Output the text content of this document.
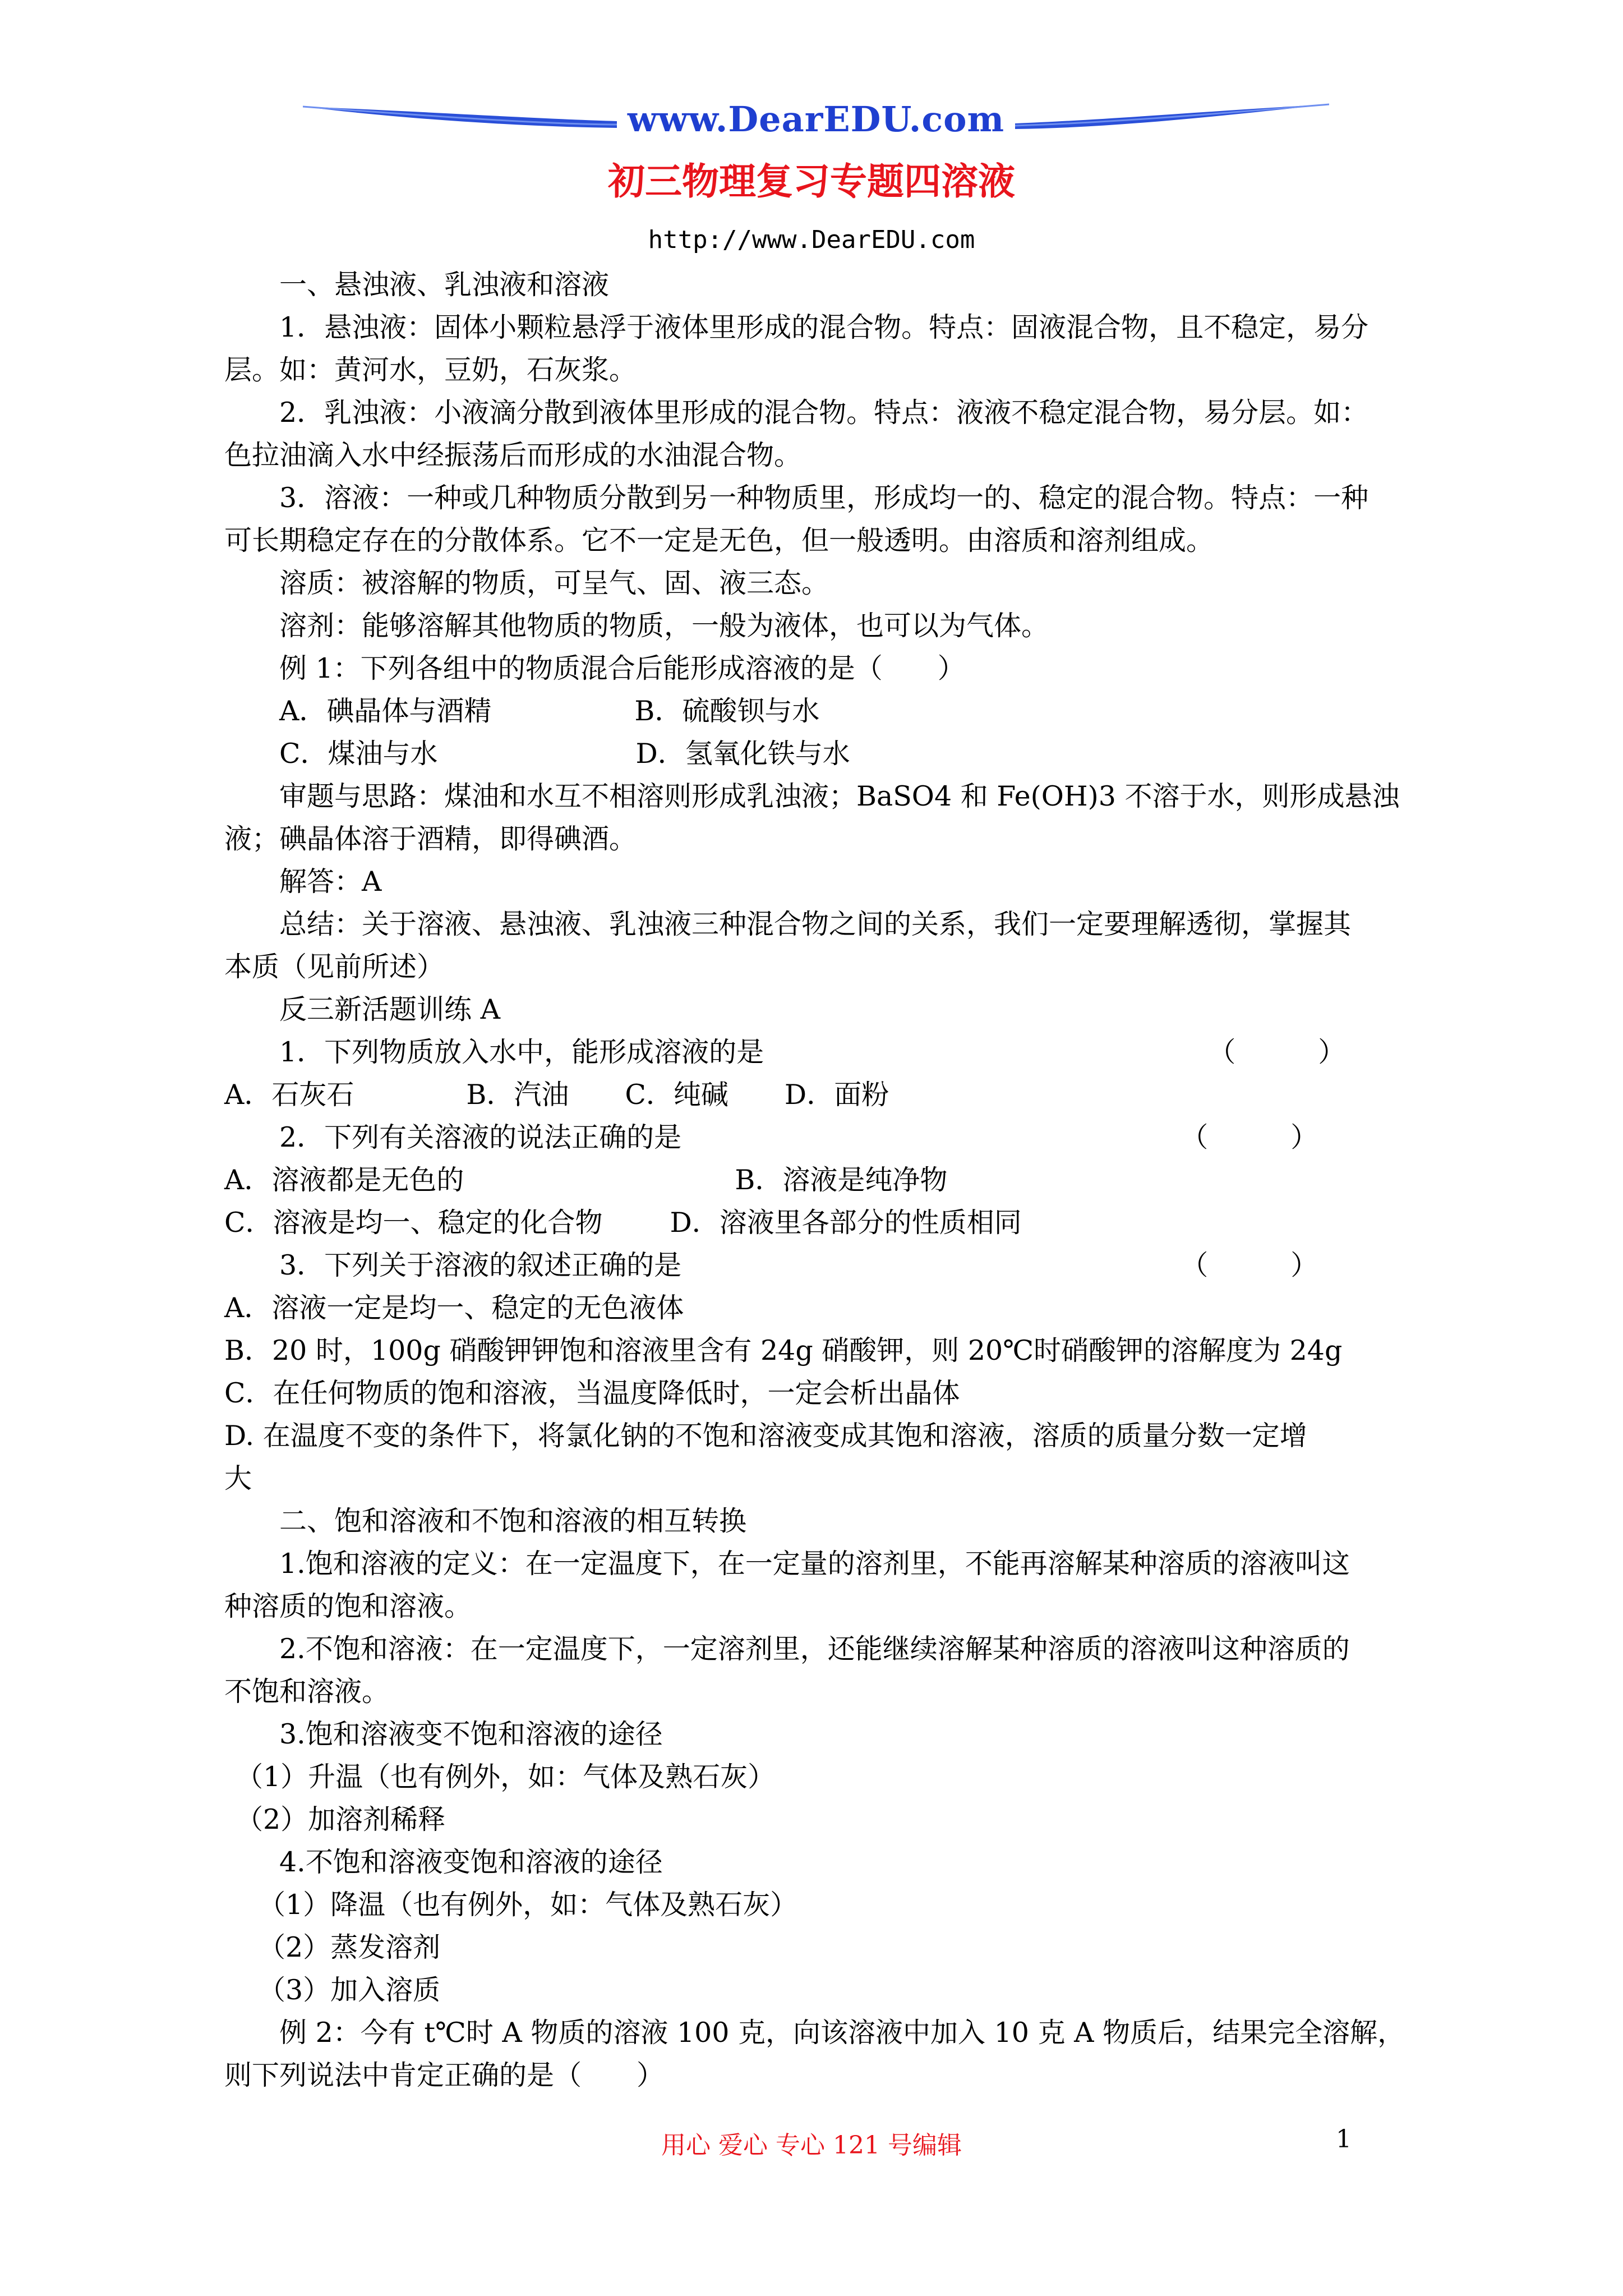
www.DearEDU.com
初三物理复习专题四溶液
http://www.DearEDU.com
一、悬浊液、乳浊液和溶液
1．悬浊液：固体小颗粒悬浮于液体里形成的混合物。特点：固液混合物，且不稳定，易分
层。如：黄河水，豆奶，石灰浆。
2．乳浊液：小液滴分散到液体里形成的混合物。特点：液液不稳定混合物，易分层。如：
色拉油滴入水中经振荡后而形成的水油混合物。
3．溶液：一种或几种物质分散到另一种物质里，形成均一的、稳定的混合物。特点：一种
可长期稳定存在的分散体系。它不一定是无色，但一般透明。由溶质和溶剂组成。
溶质：被溶解的物质，可呈气、固、液三态。
溶剂：能够溶解其他物质的物质，一般为液体，也可以为气体。
例 1：下列各组中的物质混合后能形成溶液的是（　　）
A．碘晶体与酒精	B．硫酸钡与水
C．煤油与水	D．氢氧化铁与水
审题与思路：煤油和水互不相溶则形成乳浊液；BaSO4 和 Fe(OH)3 不溶于水，则形成悬浊
液；碘晶体溶于酒精，即得碘酒。
解答：A
总结：关于溶液、悬浊液、乳浊液三种混合物之间的关系，我们一定要理解透彻，掌握其
本质（见前所述）
反三新活题训练 A
1．下列物质放入水中，能形成溶液的是	（　　　）
A．石灰石	B．汽油 C．纯碱 D．面粉
2．下列有关溶液的说法正确的是	（　　　）
A．溶液都是无色的	B．溶液是纯净物
C．溶液是均一、稳定的化合物 D．溶液里各部分的性质相同
3．下列关于溶液的叙述正确的是	（　　　）
A．溶液一定是均一、稳定的无色液体
B．20 时，100g 硝酸钾钾饱和溶液里含有 24g 硝酸钾，则 20℃时硝酸钾的溶解度为 24g
C．在任何物质的饱和溶液，当温度降低时，一定会析出晶体
D. 在温度不变的条件下，将氯化钠的不饱和溶液变成其饱和溶液，溶质的质量分数一定增
大
二、饱和溶液和不饱和溶液的相互转换
1.饱和溶液的定义：在一定温度下，在一定量的溶剂里，不能再溶解某种溶质的溶液叫这
种溶质的饱和溶液。
2.不饱和溶液：在一定温度下，一定溶剂里，还能继续溶解某种溶质的溶液叫这种溶质的
不饱和溶液。
3.饱和溶液变不饱和溶液的途径
（1）升温（也有例外，如：气体及熟石灰）
（2）加溶剂稀释
4.不饱和溶液变饱和溶液的途径
（1）降温（也有例外，如：气体及熟石灰）
（2）蒸发溶剂
（3）加入溶质
例 2：今有 t℃时 A 物质的溶液 100 克，向该溶液中加入 10 克 A 物质后，结果完全溶解，
则下列说法中肯定正确的是（　　）
用心 爱心 专心 121 号编辑	1
